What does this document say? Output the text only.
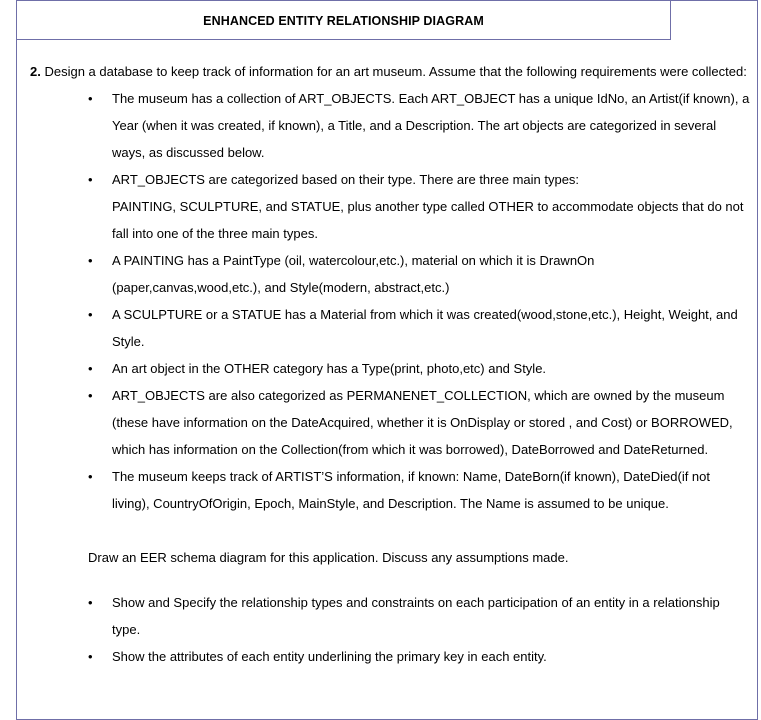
ENHANCED ENTITY RELATIONSHIP DIAGRAM

2. Design a database to keep track of information for an art museum. Assume that the following requirements were collected:

• The museum has a collection of ART_OBJECTS. Each ART_OBJECT has a unique IdNo, an Artist(if known), a Year (when it was created, if known), a Title, and a Description. The art objects are categorized in several ways, as discussed below.
• ART_OBJECTS are categorized based on their type. There are three main types:
PAINTING, SCULPTURE, and STATUE, plus another type called OTHER to accommodate objects that do not fall into one of the three main types.
• A PAINTING has a PaintType (oil, watercolour,etc.), material on which it is DrawnOn
(paper,canvas,wood,etc.), and Style(modern, abstract,etc.)
• A SCULPTURE or a STATUE has a Material from which it was created(wood,stone,etc.), Height, Weight, and Style.
• An art object in the OTHER category has a Type(print, photo,etc) and Style.
• ART_OBJECTS are also categorized as PERMANENET_COLLECTION, which are owned by the museum (these have information on the DateAcquired, whether it is OnDisplay or stored , and Cost) or BORROWED, which has information on the Collection(from which it was borrowed), DateBorrowed and DateReturned.
• The museum keeps track of ARTIST’S information, if known: Name, DateBorn(if known), DateDied(if not living), CountryOfOrigin, Epoch, MainStyle, and Description. The Name is assumed to be unique.

Draw an EER schema diagram for this application. Discuss any assumptions made.

• Show and Specify the relationship types and constraints on each participation of an entity in a relationship type.
• Show the attributes of each entity underlining the primary key in each entity.
